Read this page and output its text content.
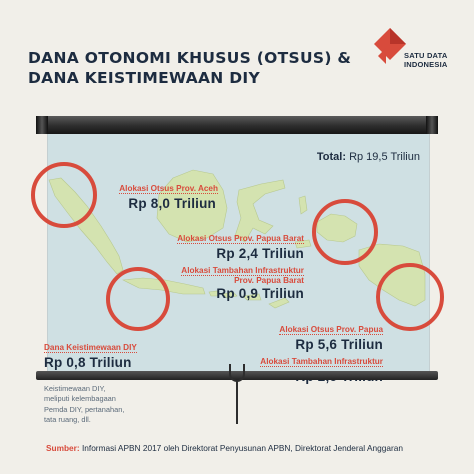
DANA OTONOMI KHUSUS (OTSUS) &
DANA KEISTIMEWAAN DIY
SATU DATA
INDONESIA
Total: Rp 19,5 Triliun
Alokasi Otsus Prov. Aceh
Rp 8,0 Triliun
Alokasi Otsus Prov. Papua Barat
Rp 2,4 Triliun
Alokasi Tambahan Infrastruktur
Prov. Papua Barat
Rp 0,9 Triliun
Dana Keistimewaan DIY
Rp 0,8 Triliun
Keistimewaan DIY,
meliputi kelembagaan
Pemda DIY, pertanahan,
tata ruang, dll.
Alokasi Otsus Prov. Papua
Rp 5,6 Triliun
Alokasi Tambahan Infrastruktur
Sumber: Informasi APBN 2017 oleh Direktorat Penyusunan APBN, Direktorat Jenderal Anggaran
